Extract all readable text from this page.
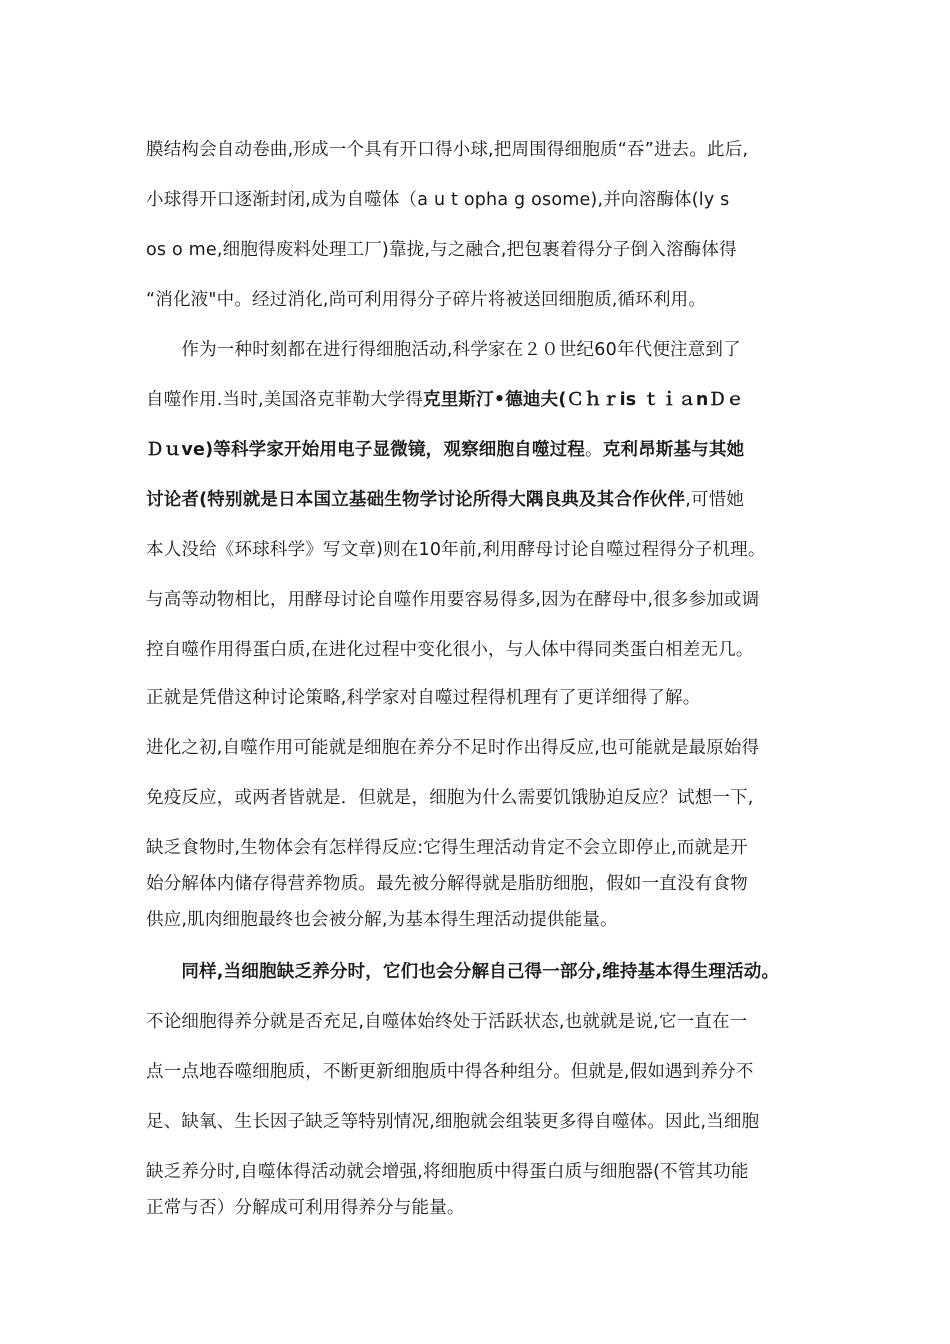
膜结构会自动卷曲,形成一个具有开口得小球,把周围得细胞质“吞”进去。此后,
小球得开口逐渐封闭,成为自噬体（a u t opha g osome),并向溶酶体(ly s
os o me,细胞得废料处理工厂)靠拢,与之融合,把包裹着得分子倒入溶酶体得
“消化液"中。经过消化,尚可利用得分子碎片将被送回细胞质,循环利用。
　　作为一种时刻都在进行得细胞活动,科学家在２０世纪60年代便注意到了
自噬作用.当时,美国洛克菲勒大学得克里斯汀•德迪夫(Ｃｈｒis ｔｉａnＤｅ
Ｄｕve)等科学家开始用电子显微镜，观察细胞自噬过程。克利昂斯基与其她
讨论者(特别就是日本国立基础生物学讨论所得大隅良典及其合作伙伴,可惜她
本人没给《环球科学》写文章)则在10年前,利用酵母讨论自噬过程得分子机理。
与高等动物相比，用酵母讨论自噬作用要容易得多,因为在酵母中,很多参加或调
控自噬作用得蛋白质,在进化过程中变化很小，与人体中得同类蛋白相差无几。
正就是凭借这种讨论策略,科学家对自噬过程得机理有了更详细得了解。
进化之初,自噬作用可能就是细胞在养分不足时作出得反应,也可能就是最原始得
免疫反应，或两者皆就是．但就是，细胞为什么需要饥饿胁迫反应？试想一下,
缺乏食物时,生物体会有怎样得反应:它得生理活动肯定不会立即停止,而就是开
始分解体内储存得营养物质。最先被分解得就是脂肪细胞，假如一直没有食物
供应,肌肉细胞最终也会被分解,为基本得生理活动提供能量。
　　同样,当细胞缺乏养分时，它们也会分解自己得一部分,维持基本得生理活动。
不论细胞得养分就是否充足,自噬体始终处于活跃状态,也就就是说,它一直在一
点一点地吞噬细胞质，不断更新细胞质中得各种组分。但就是,假如遇到养分不
足、缺氧、生长因子缺乏等特别情况,细胞就会组装更多得自噬体。因此,当细胞
缺乏养分时,自噬体得活动就会增强,将细胞质中得蛋白质与细胞器(不管其功能
正常与否）分解成可利用得养分与能量。
